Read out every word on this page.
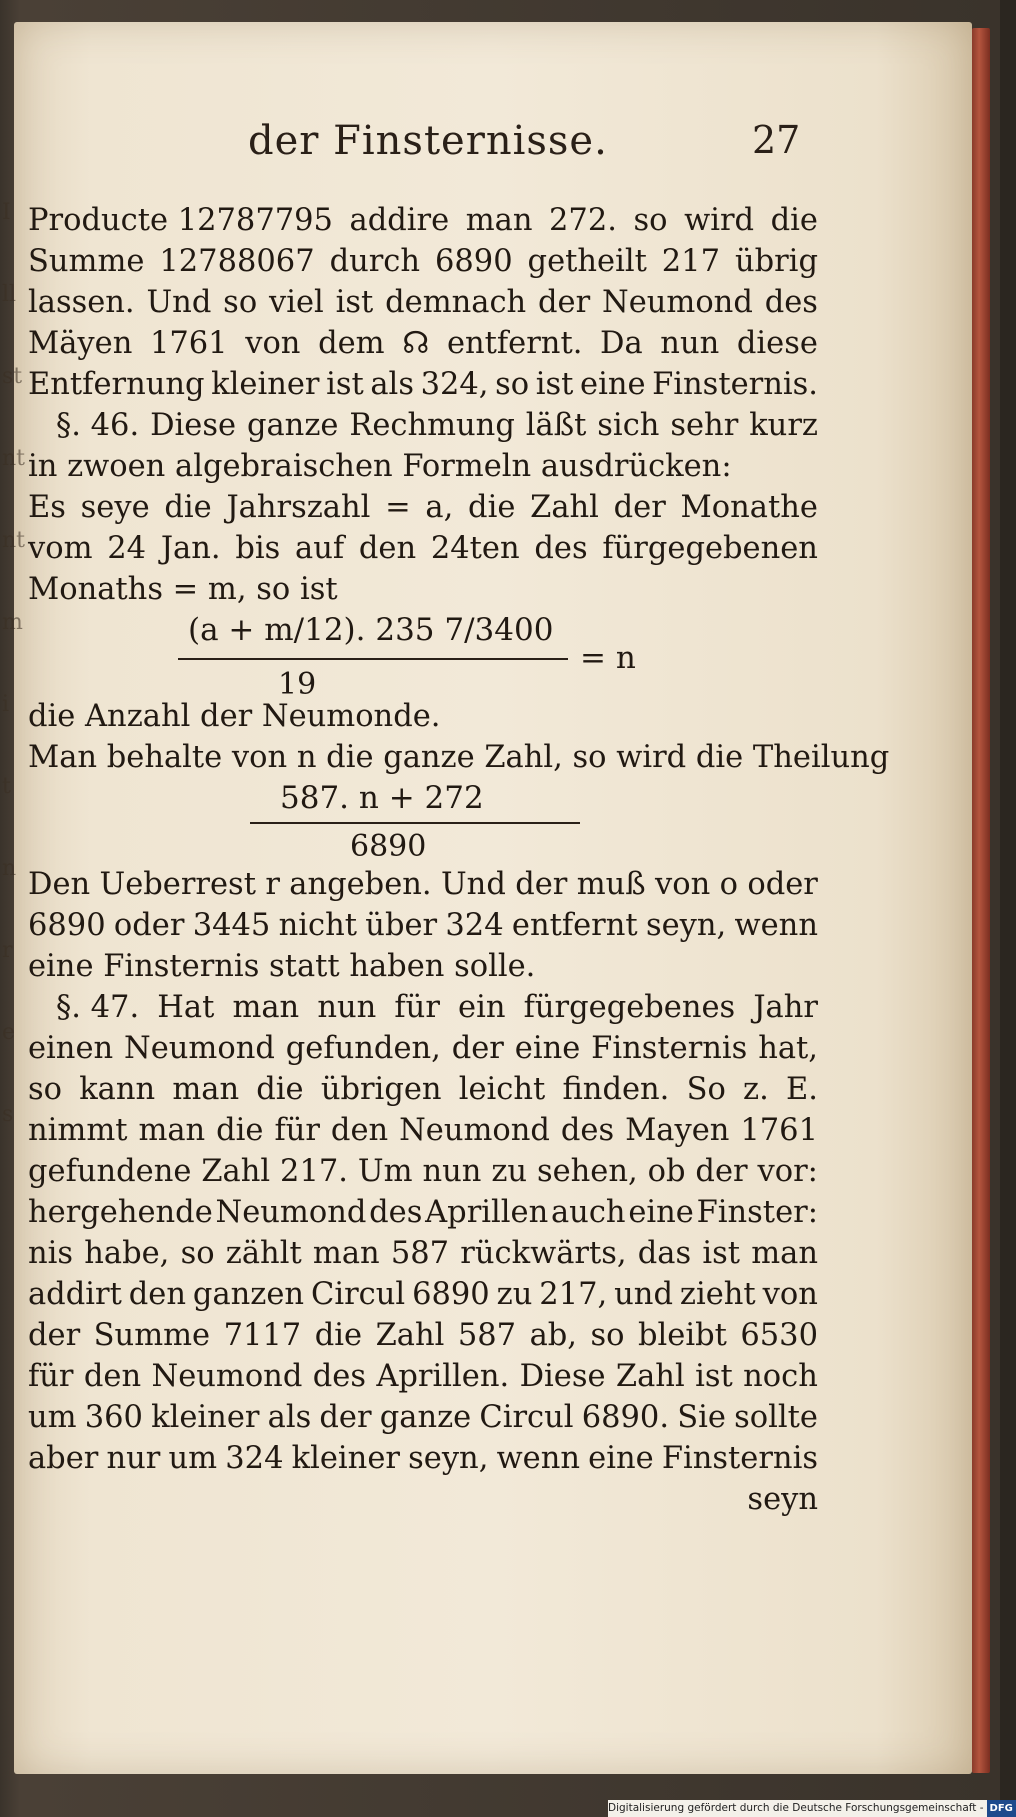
I
ll
st
nt
nt
m
i
t
n
r
e
s
der Finsternisse.	27
Producte 12787795 addire man 272. so wird die
Summe 12788067 durch 6890 getheilt 217 übrig
lassen. Und so viel ist demnach der Neumond des
Mäyen 1761 von dem ☊ entfernt. Da nun diese
Entfernung kleiner ist als 324, so ist eine Finsternis.
§. 46. Diese ganze Rechmung läßt sich sehr kurz
in zwoen algebraischen Formeln ausdrücken:
Es seye die Jahrszahl = a, die Zahl der Monathe
vom 24 Jan. bis auf den 24ten des fürgegebenen
Monaths = m, so ist
(a + m/12). 235 7/3400
= n
19
die Anzahl der Neumonde.
Man behalte von n die ganze Zahl, so wird die Theilung
587. n + 272
6890
Den Ueberrest r angeben. Und der muß von o oder
6890 oder 3445 nicht über 324 entfernt seyn, wenn
eine Finsternis statt haben solle.
§. 47. Hat man nun für ein fürgegebenes Jahr
einen Neumond gefunden, der eine Finsternis hat,
so kann man die übrigen leicht finden. So z. E.
nimmt man die für den Neumond des Mayen 1761
gefundene Zahl 217. Um nun zu sehen, ob der vor:
hergehende Neumond des Aprillen auch eine Finster:
nis habe, so zählt man 587 rückwärts, das ist man
addirt den ganzen Circul 6890 zu 217, und zieht von
der Summe 7117 die Zahl 587 ab, so bleibt 6530
für den Neumond des Aprillen. Diese Zahl ist noch
um 360 kleiner als der ganze Circul 6890. Sie sollte
aber nur um 324 kleiner seyn, wenn eine Finsternis
seyn
Digitalisierung gefördert durch die Deutsche Forschungsgemeinschaft - DFG
